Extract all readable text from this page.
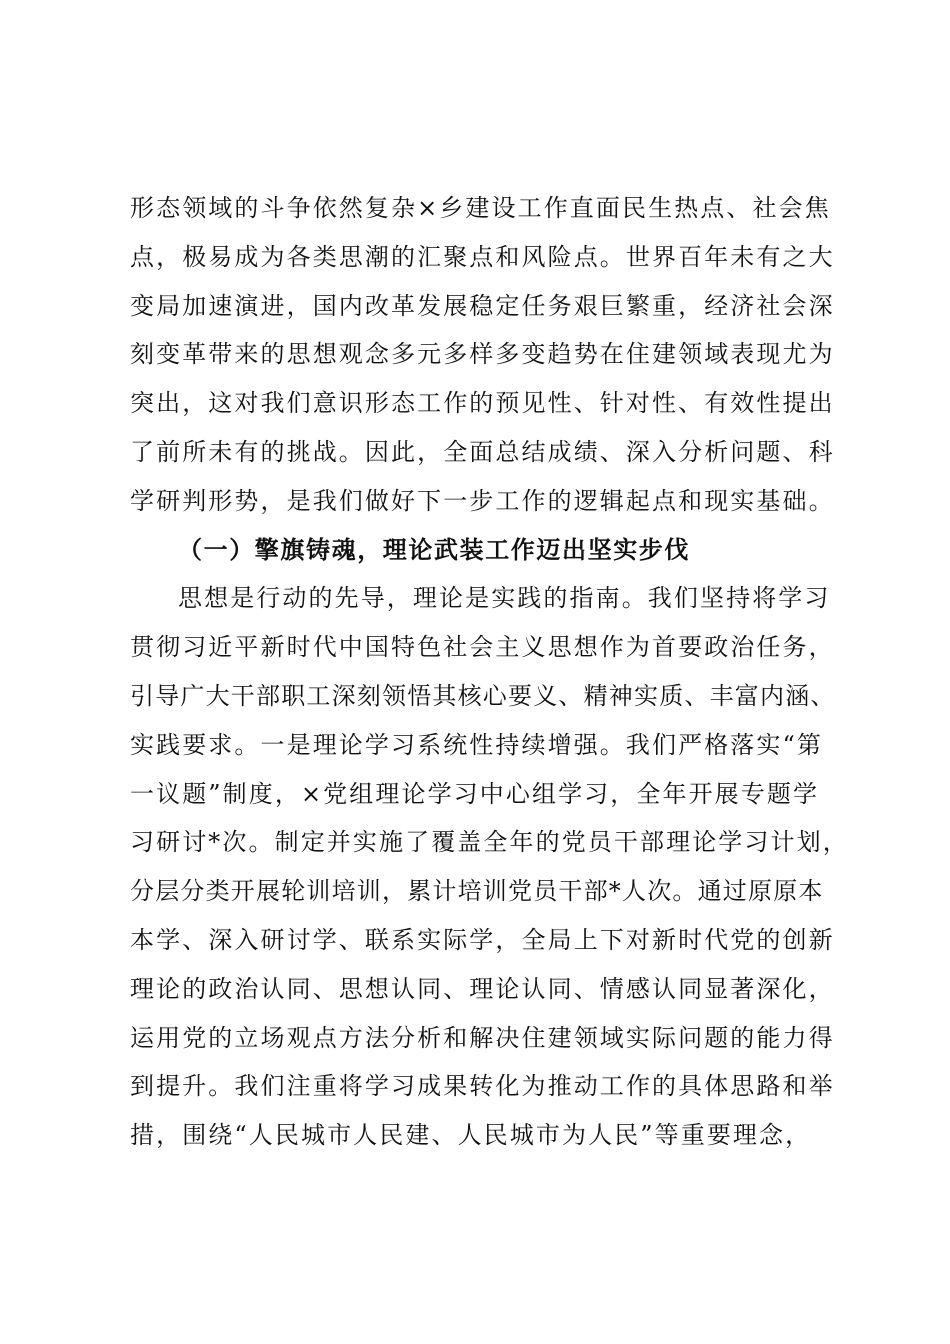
形态领域的斗争依然复杂×乡建设工作直面民生热点、社会焦
点，极易成为各类思潮的汇聚点和风险点。世界百年未有之大
变局加速演进，国内改革发展稳定任务艰巨繁重，经济社会深
刻变革带来的思想观念多元多样多变趋势在住建领域表现尤为
突出，这对我们意识形态工作的预见性、针对性、有效性提出
了前所未有的挑战。因此，全面总结成绩、深入分析问题、科
学研判形势，是我们做好下一步工作的逻辑起点和现实基础。
（一）擎旗铸魂，理论武装工作迈出坚实步伐
思想是行动的先导，理论是实践的指南。我们坚持将学习
贯彻习近平新时代中国特色社会主义思想作为首要政治任务，
引导广大干部职工深刻领悟其核心要义、精神实质、丰富内涵、
实践要求。一是理论学习系统性持续增强。我们严格落实“第
一议题”制度，×党组理论学习中心组学习，全年开展专题学
习研讨*次。制定并实施了覆盖全年的党员干部理论学习计划，
分层分类开展轮训培训，累计培训党员干部*人次。通过原原本
本学、深入研讨学、联系实际学，全局上下对新时代党的创新
理论的政治认同、思想认同、理论认同、情感认同显著深化，
运用党的立场观点方法分析和解决住建领域实际问题的能力得
到提升。我们注重将学习成果转化为推动工作的具体思路和举
措，围绕“人民城市人民建、人民城市为人民”等重要理念，
